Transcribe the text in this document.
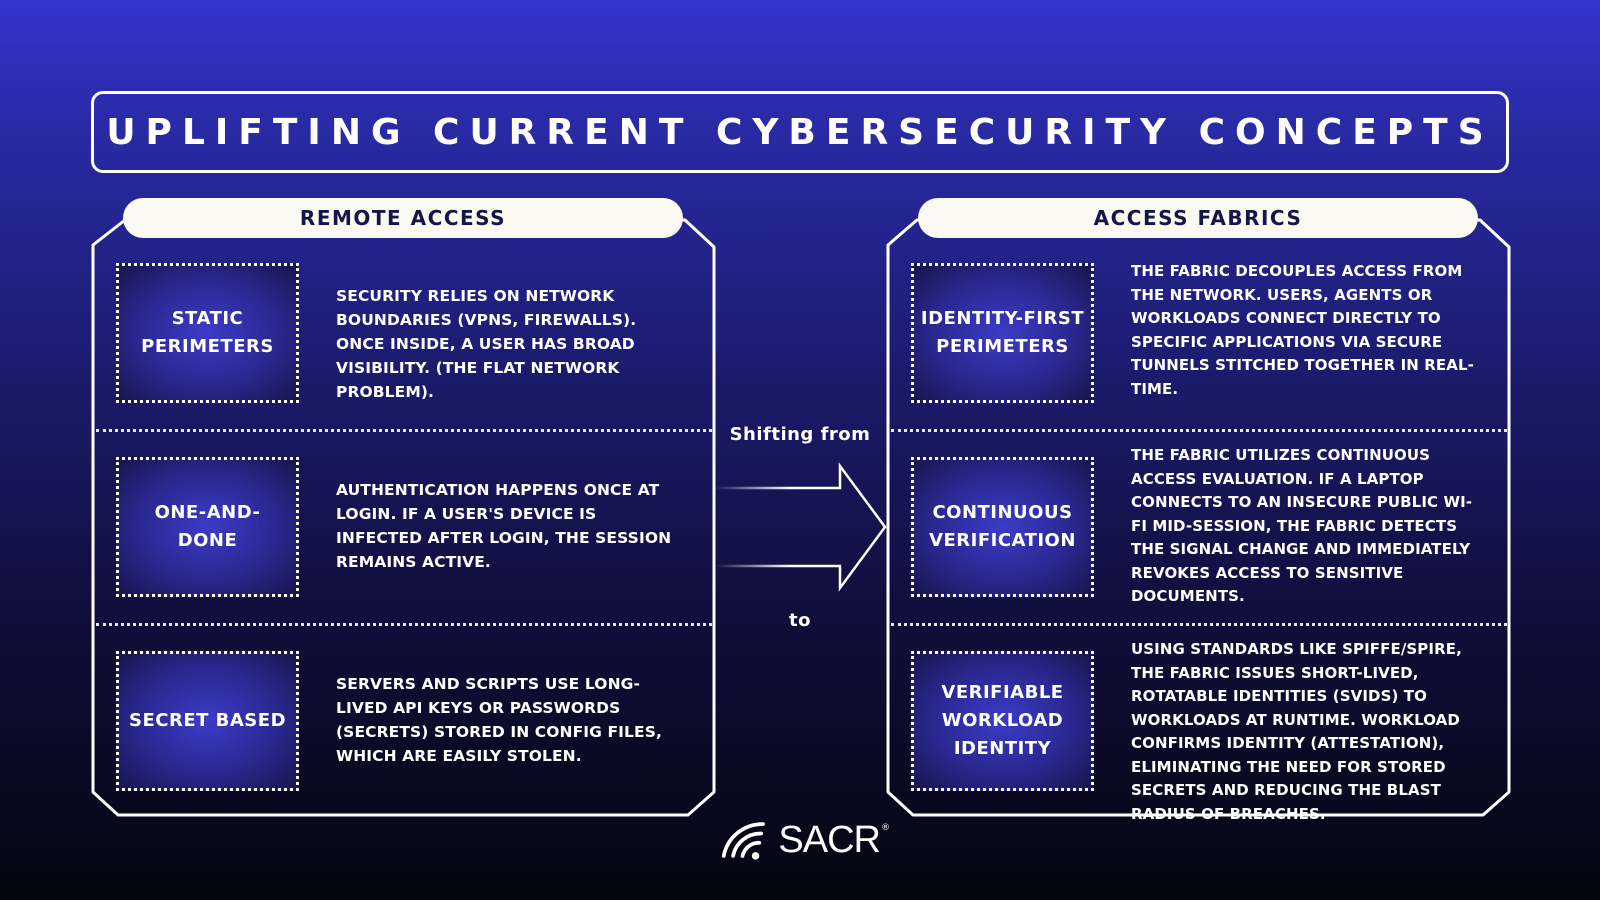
UPLIFTING CURRENT CYBERSECURITY CONCEPTS
REMOTE ACCESS
STATIC PERIMETERS
SECURITY RELIES ON NETWORK BOUNDARIES (VPNS, FIREWALLS). ONCE INSIDE, A USER HAS BROAD VISIBILITY. (THE FLAT NETWORK PROBLEM).
ONE-AND-DONE
AUTHENTICATION HAPPENS ONCE AT LOGIN. IF A USER'S DEVICE IS INFECTED AFTER LOGIN, THE SESSION REMAINS ACTIVE.
SECRET BASED
SERVERS AND SCRIPTS USE LONG-LIVED API KEYS OR PASSWORDS (SECRETS) STORED IN CONFIG FILES, WHICH ARE EASILY STOLEN.
ACCESS FABRICS
IDENTITY-FIRST PERIMETERS
THE FABRIC DECOUPLES ACCESS FROM THE NETWORK. USERS, AGENTS OR WORKLOADS CONNECT DIRECTLY TO SPECIFIC APPLICATIONS VIA SECURE TUNNELS STITCHED TOGETHER IN REAL-TIME.
CONTINUOUS VERIFICATION
THE FABRIC UTILIZES CONTINUOUS ACCESS EVALUATION. IF A LAPTOP CONNECTS TO AN INSECURE PUBLIC WI-FI MID-SESSION, THE FABRIC DETECTS THE SIGNAL CHANGE AND IMMEDIATELY REVOKES ACCESS TO SENSITIVE DOCUMENTS.
VERIFIABLE WORKLOAD IDENTITY
USING STANDARDS LIKE SPIFFE/SPIRE, THE FABRIC ISSUES SHORT-LIVED, ROTATABLE IDENTITIES (SVIDS) TO WORKLOADS AT RUNTIME. WORKLOAD CONFIRMS IDENTITY (ATTESTATION), ELIMINATING THE NEED FOR STORED SECRETS AND REDUCING THE BLAST RADIUS OF BREACHES.
Shifting from
to
SACR ®
